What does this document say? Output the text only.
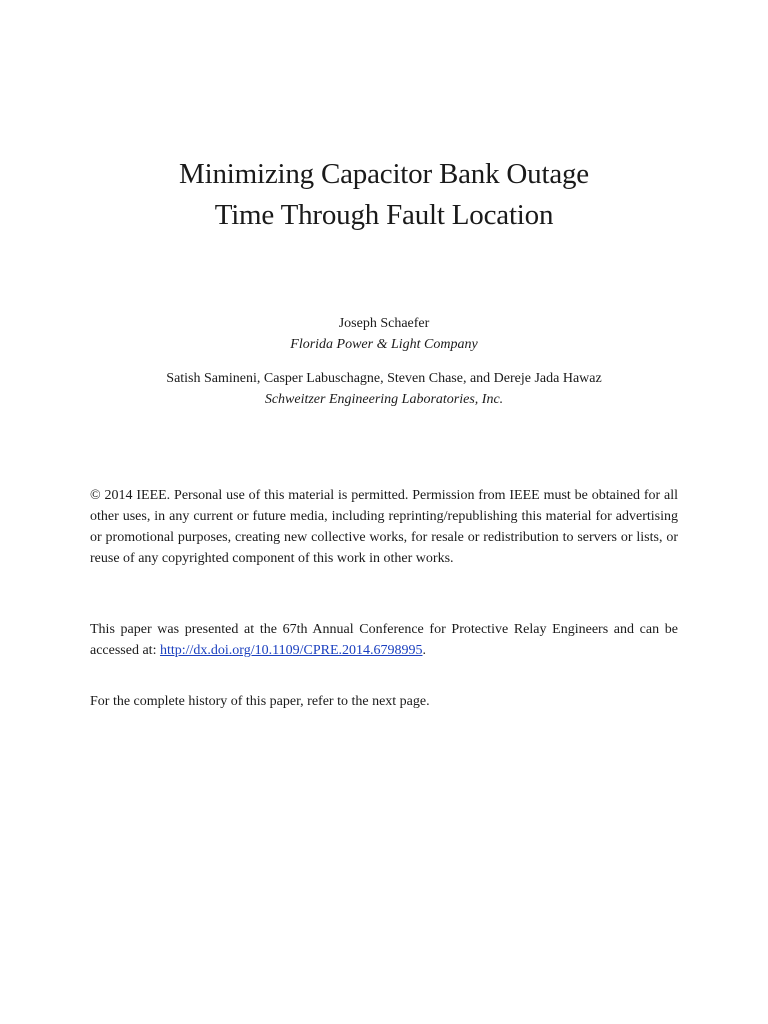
Minimizing Capacitor Bank Outage
Time Through Fault Location
Joseph Schaefer
Florida Power & Light Company
Satish Samineni, Casper Labuschagne, Steven Chase, and Dereje Jada Hawaz
Schweitzer Engineering Laboratories, Inc.

© 2014 IEEE. Personal use of this material is permitted. Permission from IEEE must be obtained for all other uses, in any current or future media, including reprinting/republishing this material for advertising or promotional purposes, creating new collective works, for resale or redistribution to servers or lists, or reuse of any copyrighted component of this work in other works.

This paper was presented at the 67th Annual Conference for Protective Relay Engineers and can be accessed at: http://dx.doi.org/10.1109/CPRE.2014.6798995.

For the complete history of this paper, refer to the next page.
